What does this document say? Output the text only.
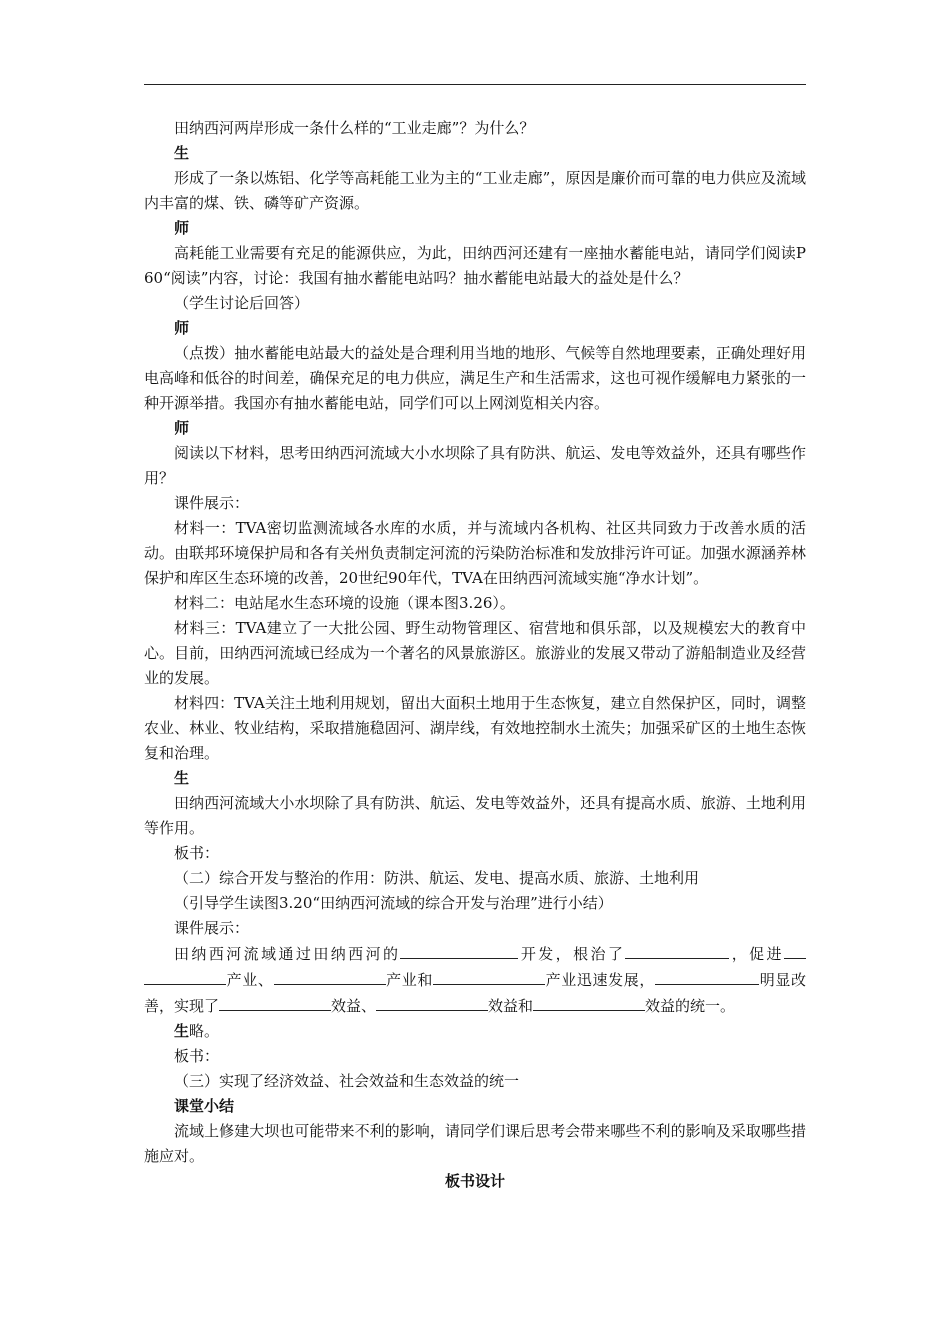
田纳西河两岸形成一条什么样的“工业走廊”？为什么？

生

形成了一条以炼铝、化学等高耗能工业为主的“工业走廊”，原因是廉价而可靠的电力供应及流域内丰富的煤、铁、磷等矿产资源。

师

高耗能工业需要有充足的能源供应，为此，田纳西河还建有一座抽水蓄能电站，请同学们阅读P 60“阅读”内容，讨论：我国有抽水蓄能电站吗？抽水蓄能电站最大的益处是什么？

（学生讨论后回答）

师

（点拨）抽水蓄能电站最大的益处是合理利用当地的地形、气候等自然地理要素，正确处理好用电高峰和低谷的时间差，确保充足的电力供应，满足生产和生活需求，这也可视作缓解电力紧张的一种开源举措。我国亦有抽水蓄能电站，同学们可以上网浏览相关内容。

师

阅读以下材料，思考田纳西河流域大小水坝除了具有防洪、航运、发电等效益外，还具有哪些作用？

课件展示：

材料一：TVA密切监测流域各水库的水质，并与流域内各机构、社区共同致力于改善水质的活动。由联邦环境保护局和各有关州负责制定河流的污染防治标准和发放排污许可证。加强水源涵养林保护和库区生态环境的改善，20世纪90年代，TVA在田纳西河流域实施“净水计划”。

材料二：电站尾水生态环境的设施（课本图3.26）。

材料三：TVA建立了一大批公园、野生动物管理区、宿营地和俱乐部，以及规模宏大的教育中心。目前，田纳西河流域已经成为一个著名的风景旅游区。旅游业的发展又带动了游船制造业及经营业的发展。

材料四：TVA关注土地利用规划，留出大面积土地用于生态恢复，建立自然保护区，同时，调整农业、林业、牧业结构，采取措施稳固河、湖岸线，有效地控制水土流失；加强采矿区的土地生态恢复和治理。

生

田纳西河流域大小水坝除了具有防洪、航运、发电等效益外，还具有提高水质、旅游、土地利用等作用。

板书：

（二）综合开发与整治的作用：防洪、航运、发电、提高水质、旅游、土地利用

（引导学生读图3.20“田纳西河流域的综合开发与治理”进行小结）

课件展示：

田纳西河流域通过田纳西河的	开发，根治了	，促进产业、	产业和	产业迅速发展，	明显改善，实现了	效益、	效益和	效益的统一。

生略。

板书：

（三）实现了经济效益、社会效益和生态效益的统一

课堂小结

流域上修建大坝也可能带来不利的影响，请同学们课后思考会带来哪些不利的影响及采取哪些措施应对。

板书设计
